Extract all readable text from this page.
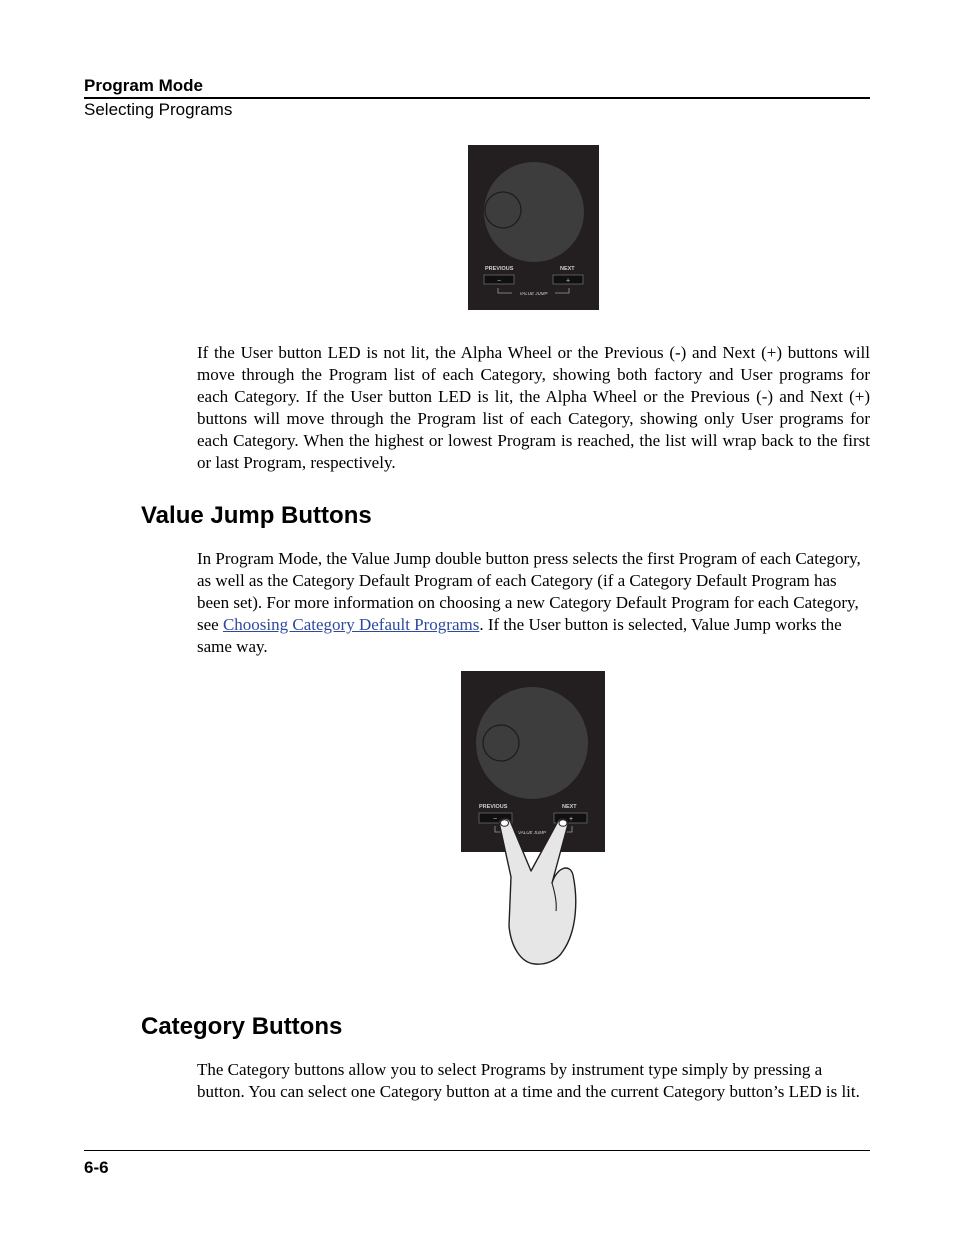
Program Mode
Selecting Programs
PREVIOUS	NEXT
−	+
VALUE JUMP

If the User button LED is not lit, the Alpha Wheel or the Previous (-) and Next (+) buttons will move through the Program list of each Category, showing both factory and User programs for each Category. If the User button LED is lit, the Alpha Wheel or the Previous (-) and Next (+) buttons will move through the Program list of each Category, showing only User programs for each Category. When the highest or lowest Program is reached, the list will wrap back to the first or last Program, respectively.

Value Jump Buttons

In Program Mode, the Value Jump double button press selects the first Program of each Category, as well as the Category Default Program of each Category (if a Category Default Program has been set). For more information on choosing a new Category Default Program for each Category, see Choosing Category Default Programs. If the User button is selected, Value Jump works the same way.

PREVIOUS	NEXT
−	+
VALUE JUMP
Category Buttons

The Category buttons allow you to select Programs by instrument type simply by pressing a button. You can select one Category button at a time and the current Category button’s LED is lit.

6-6
